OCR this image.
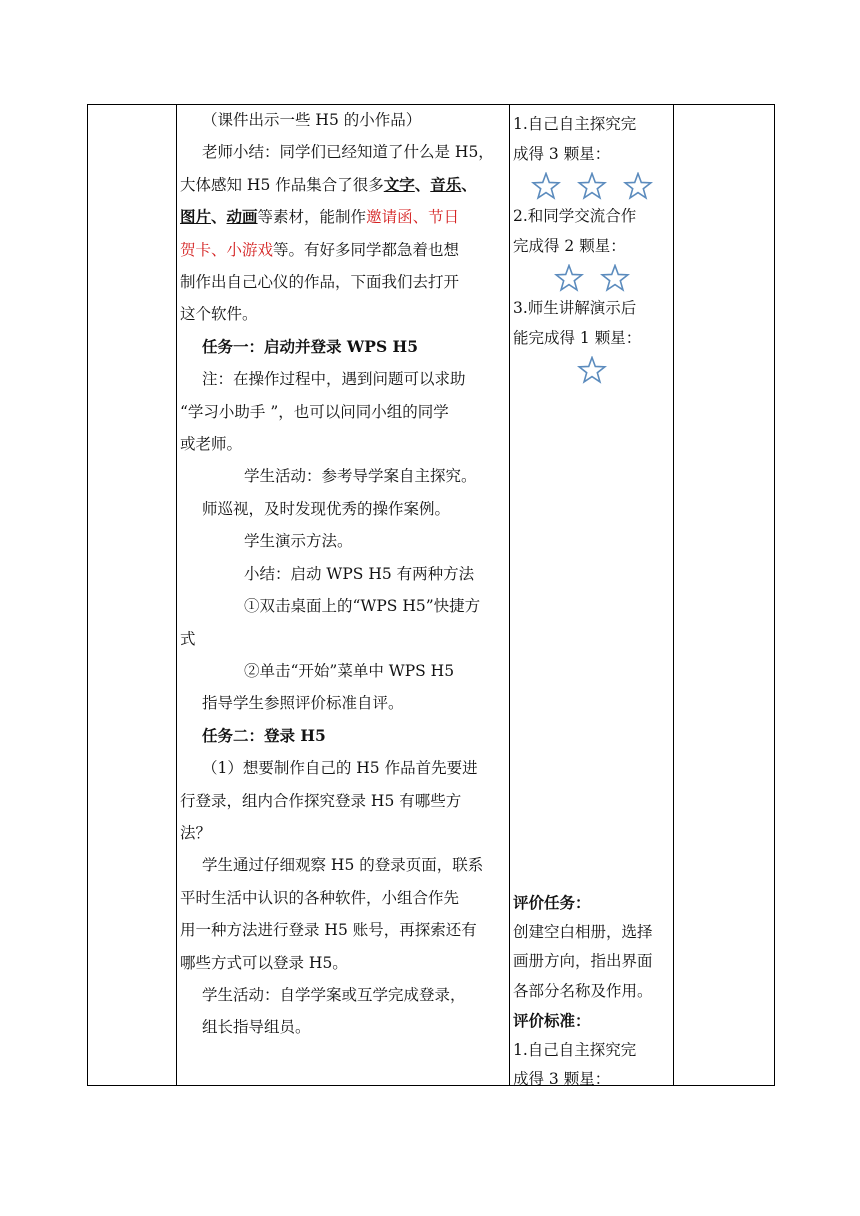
（课件出示一些 H5 的小作品）

老师小结：同学们已经知道了什么是 H5，

大体感知 H5 作品集合了很多文字、音乐、

图片、动画等素材，能制作邀请函、节日

贺卡、小游戏等。有好多同学都急着也想

制作出自己心仪的作品，下面我们去打开

这个软件。

任务一：启动并登录 WPS H5

注：在操作过程中，遇到问题可以求助

“学习小助手 ”，也可以问同小组的同学

或老师。

学生活动：参考导学案自主探究。

师巡视，及时发现优秀的操作案例。

学生演示方法。

小结：启动 WPS H5 有两种方法

①双击桌面上的“WPS H5”快捷方

式

②单击“开始”菜单中 WPS H5

指导学生参照评价标准自评。

任务二：登录 H5

（1）想要制作自己的 H5 作品首先要进

行登录，组内合作探究登录 H5 有哪些方

法？

学生通过仔细观察 H5 的登录页面，联系

平时生活中认识的各种软件，小组合作先

用一种方法进行登录 H5 账号，再探索还有

哪些方式可以登录 H5。

学生活动：自学学案或互学完成登录，

组长指导组员。

1.自己自主探究完

成得 3 颗星：

2.和同学交流合作

完成得 2 颗星：

3.师生讲解演示后

能完成得 1 颗星：

评价任务：

创建空白相册，选择

画册方向，指出界面

各部分名称及作用。

评价标准：

1.自己自主探究完

成得 3 颗星：
